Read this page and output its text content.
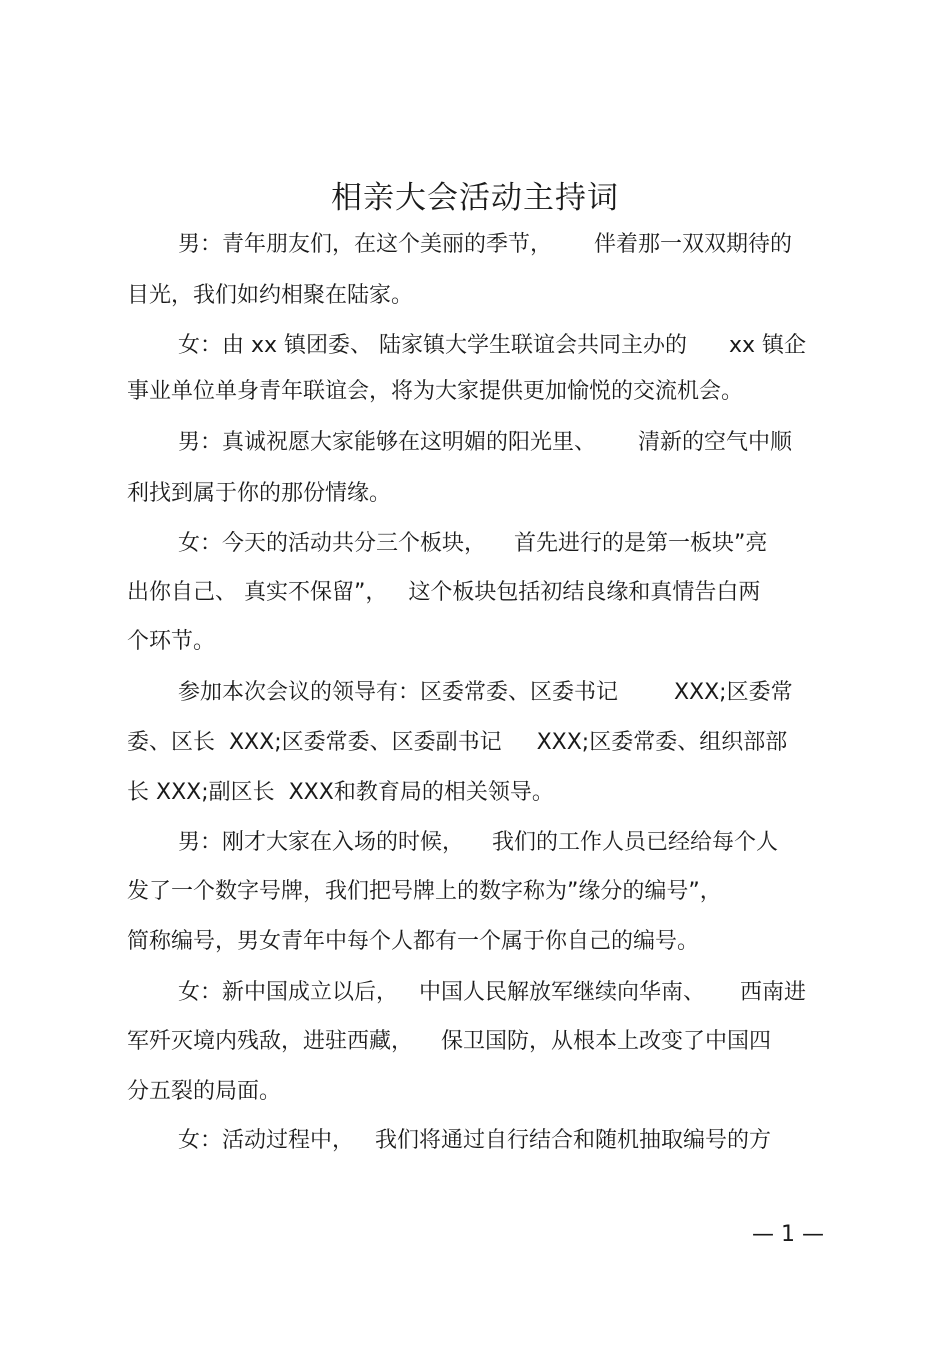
相亲大会活动主持词
男：青年朋友们，在这个美丽的季节，      伴着那一双双期待的
目光，我们如约相聚在陆家。
女：由 xx 镇团委、 陆家镇大学生联谊会共同主办的      xx 镇企
事业单位单身青年联谊会，将为大家提供更加愉悦的交流机会。
男：真诚祝愿大家能够在这明媚的阳光里、      清新的空气中顺
利找到属于你的那份情缘。
女：今天的活动共分三个板块，    首先进行的是第一板块”亮
出你自己、 真实不保留”，   这个板块包括初结良缘和真情告白两
个环节。
参加本次会议的领导有：区委常委、区委书记        XXX;区委常
委、区长  XXX;区委常委、区委副书记     XXX;区委常委、组织部部
长 XXX;副区长  XXX和教育局的相关领导。
男：刚才大家在入场的时候，    我们的工作人员已经给每个人
发了一个数字号牌，我们把号牌上的数字称为”缘分的编号”，
简称编号，男女青年中每个人都有一个属于你自己的编号。
女：新中国成立以后，   中国人民解放军继续向华南、     西南进
军歼灭境内残敌，进驻西藏，    保卫国防，从根本上改变了中国四
分五裂的局面。
女：活动过程中，   我们将通过自行结合和随机抽取编号的方
— 1 —
